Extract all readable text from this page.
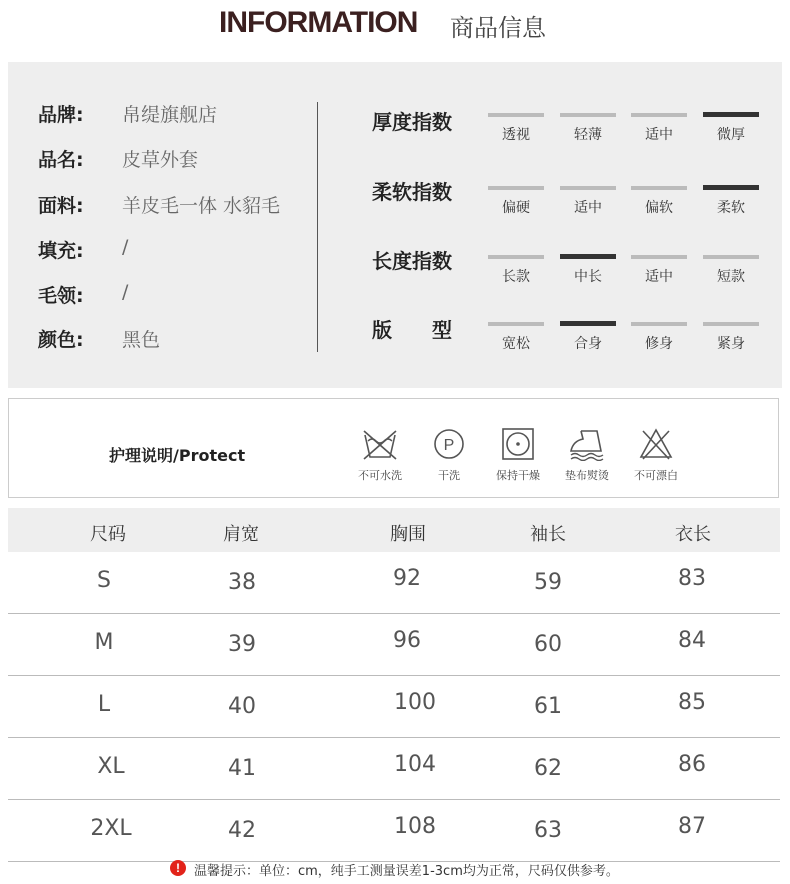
INFORMATION 商品信息
品牌:	帛缇旗舰店
品名:	皮草外套
面料:	羊皮毛一体 水貂毛
填充:	/
毛领:	/
颜色:	黑色
厚度指数
透视	轻薄	适中	微厚
柔软指数
偏硬	适中	偏软	柔软
长度指数
长款	中长	适中	短款
版　　型
宽松	合身	修身	紧身
护理说明/Protect
不可水洗
P
干洗	保持干燥	垫布熨烫	不可漂白
尺码	肩宽	胸围	袖长	衣长
S	38	92	59	83
M	39	96	60	84
L	40	100	61	85
XL	41	104	62	86
2XL	42	108	63	87
!	温馨提示：单位：cm，纯手工测量误差1-3cm均为正常，尺码仅供参考。
